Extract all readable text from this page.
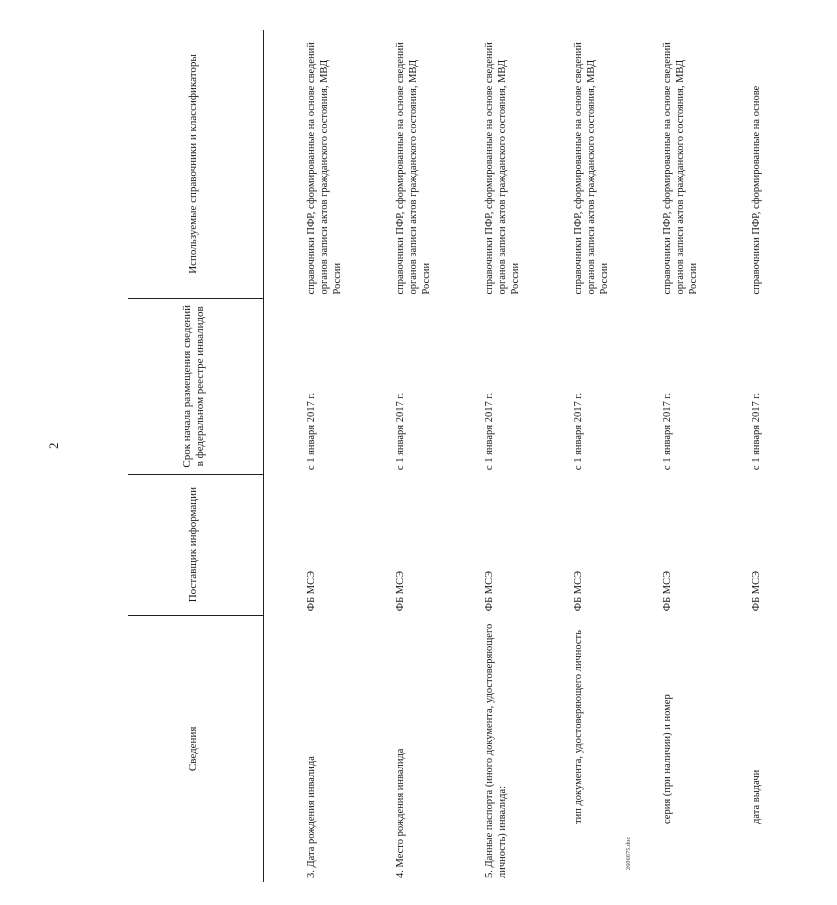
2
Сведения	Поставщик информации	Срок начала размещения сведений в федеральном реестре инвалидов	Используемые справочники и классификаторы

3. Дата рождения инвалида	ФБ МСЭ	с 1 января 2017 г.	справочники ПФР, сформированные на основе сведений органов записи актов гражданского состояния, МВД России
4. Место рождения инвалида	ФБ МСЭ	с 1 января 2017 г.	справочники ПФР, сформированные на основе сведений органов записи актов гражданского состояния, МВД России
5. Данные паспорта (иного документа, удостоверяющего личность) инвалида:	ФБ МСЭ	с 1 января 2017 г.	справочники ПФР, сформированные на основе сведений органов записи актов гражданского состояния, МВД России
тип документа, удостоверяющего личность	ФБ МСЭ	с 1 января 2017 г.	справочники ПФР, сформированные на основе сведений органов записи актов гражданского состояния, МВД России
серия (при наличии) и номер	ФБ МСЭ	с 1 января 2017 г.	справочники ПФР, сформированные на основе сведений органов записи актов гражданского состояния, МВД России
дата выдачи	ФБ МСЭ	с 1 января 2017 г.	справочники ПФР, сформированные на основе
2606075.doc
